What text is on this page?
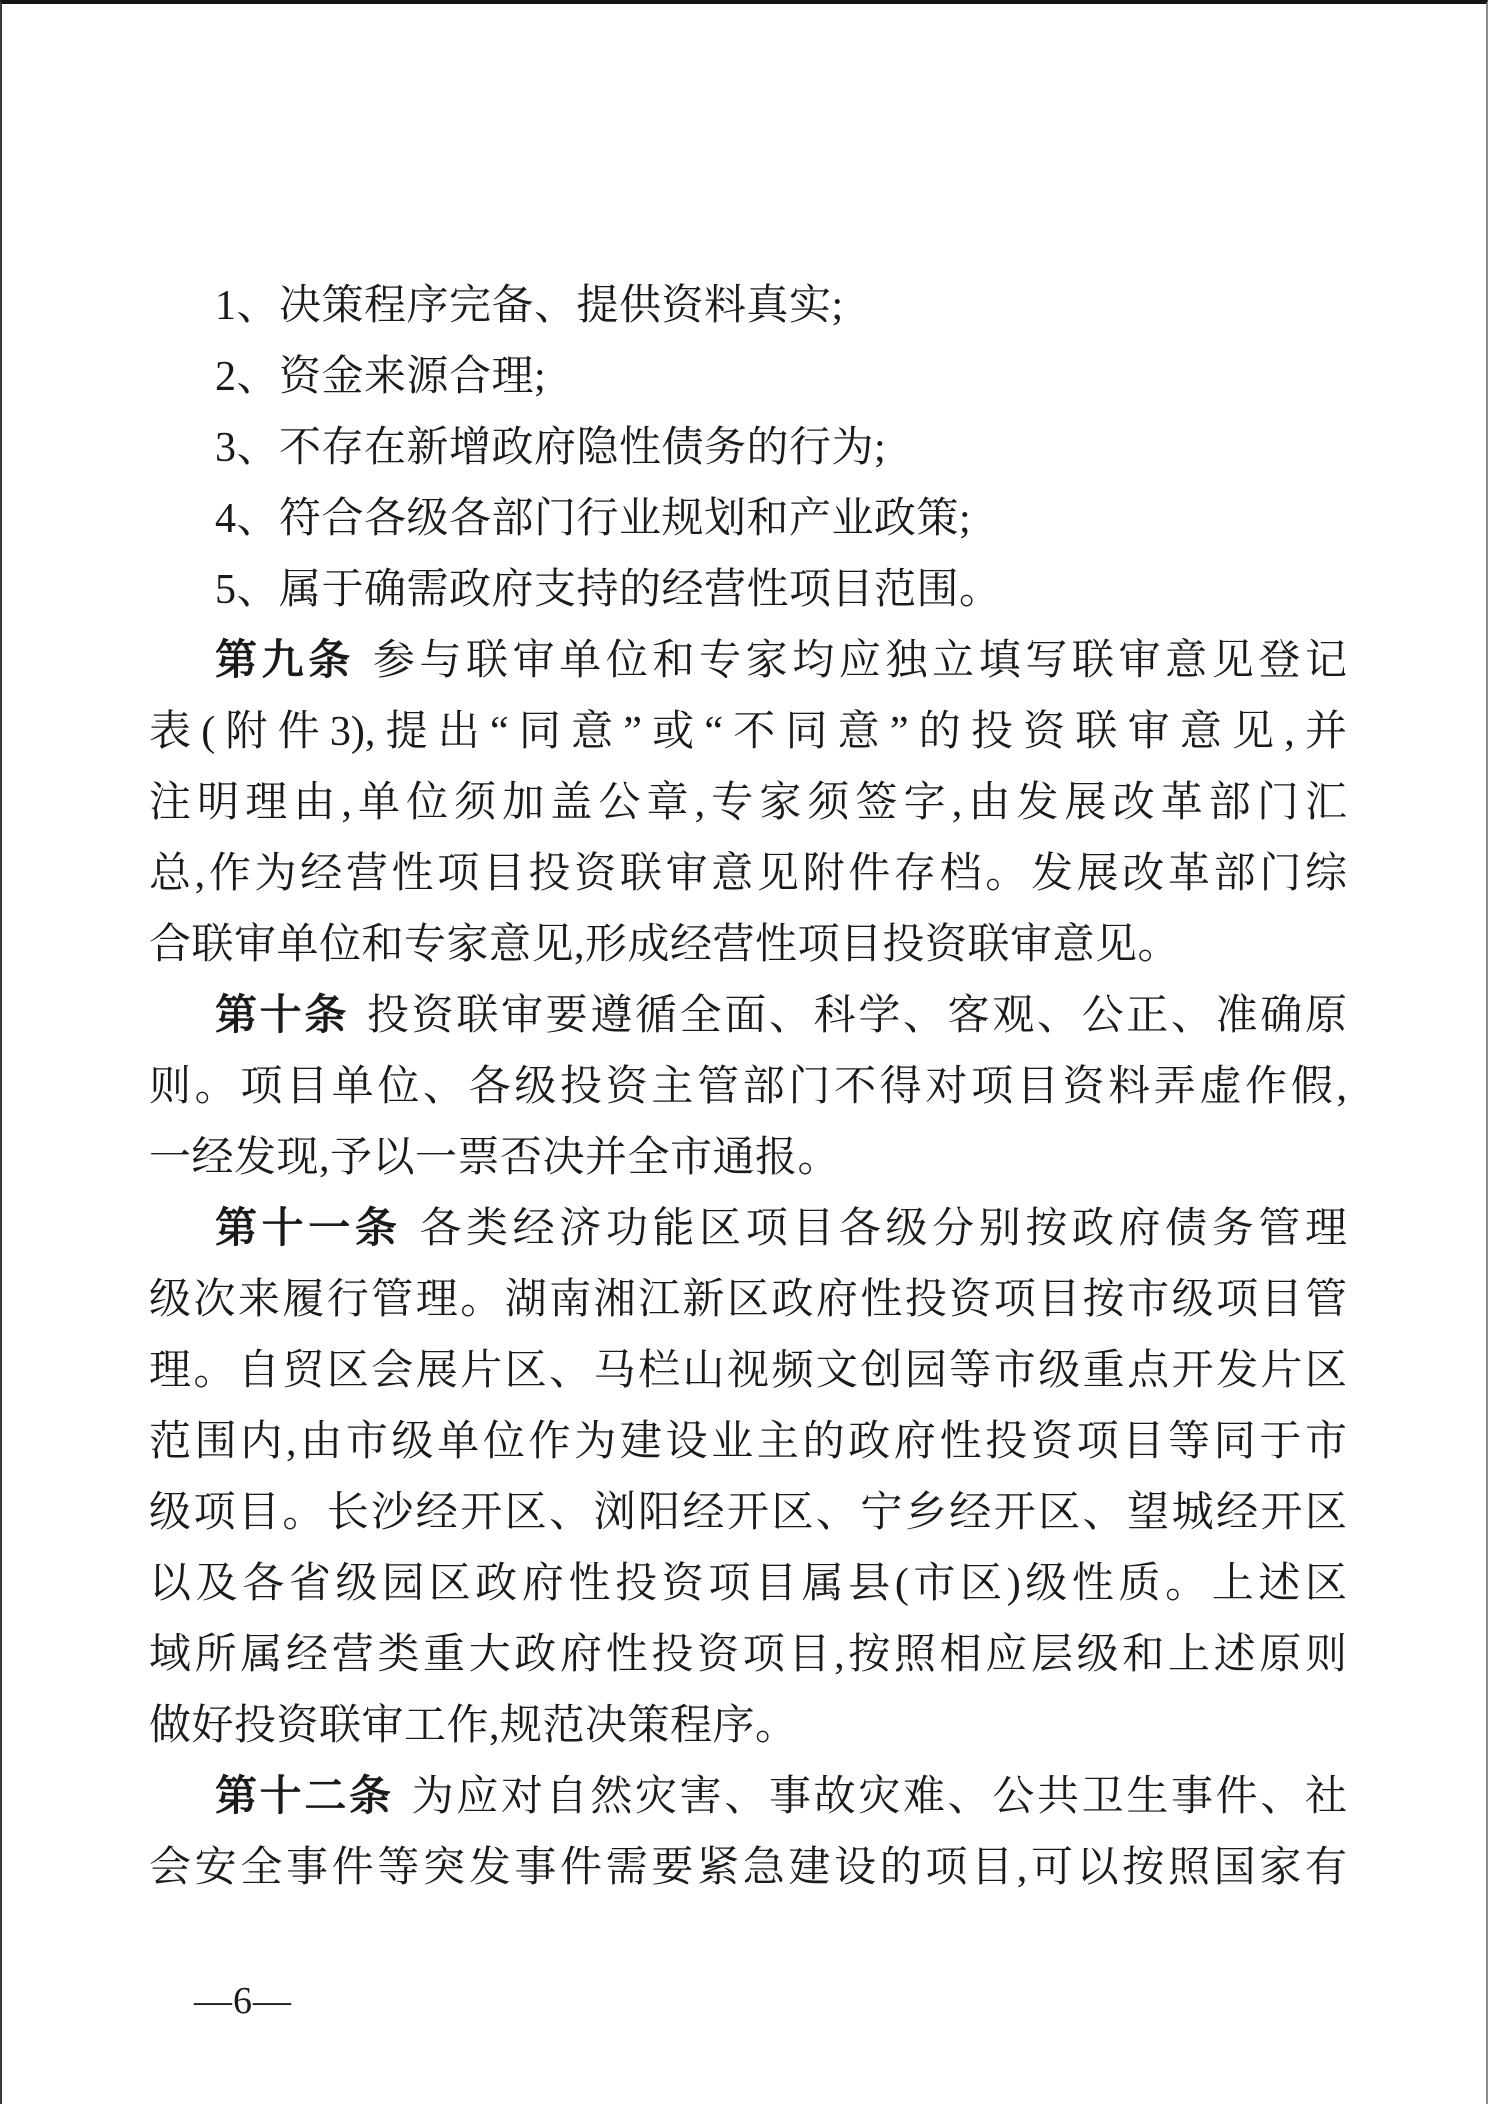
1、决策程序完备、提供资料真实;
2、资金来源合理;
3、不存在新增政府隐性债务的行为;
4、符合各级各部门行业规划和产业政策;
5、属于确需政府支持的经营性项目范围。
第九条 参与联审单位和专家均应独立填写联审意见登记
表(附件3),提出“同意”或“不同意”的投资联审意见,并
注明理由,单位须加盖公章,专家须签字,由发展改革部门汇
总,作为经营性项目投资联审意见附件存档。发展改革部门综
合联审单位和专家意见,形成经营性项目投资联审意见。
第十条 投资联审要遵循全面、科学、客观、公正、准确原
则。项目单位、各级投资主管部门不得对项目资料弄虚作假,
一经发现,予以一票否决并全市通报。
第十一条 各类经济功能区项目各级分别按政府债务管理
级次来履行管理。湖南湘江新区政府性投资项目按市级项目管
理。自贸区会展片区、马栏山视频文创园等市级重点开发片区
范围内,由市级单位作为建设业主的政府性投资项目等同于市
级项目。长沙经开区、浏阳经开区、宁乡经开区、望城经开区
以及各省级园区政府性投资项目属县(市区)级性质。上述区
域所属经营类重大政府性投资项目,按照相应层级和上述原则
做好投资联审工作,规范决策程序。
第十二条 为应对自然灾害、事故灾难、公共卫生事件、社
会安全事件等突发事件需要紧急建设的项目,可以按照国家有
—6—
